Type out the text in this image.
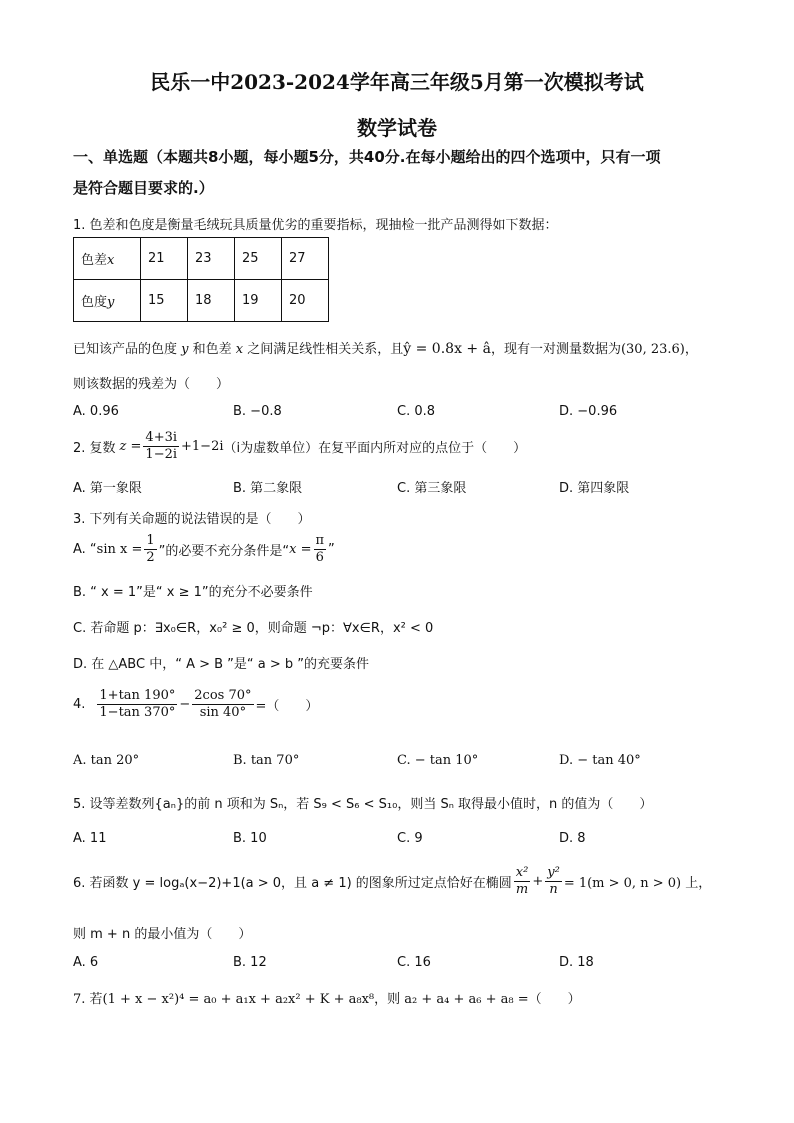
民乐一中2023-2024学年高三年级5月第一次模拟考试
数学试卷
一、单选题（本题共8小题，每小题5分，共40分.在每小题给出的四个选项中，只有一项
是符合题目要求的.）
1. 色差和色度是衡量毛绒玩具质量优劣的重要指标，现抽检一批产品测得如下数据：
色差x	21	23	25	27
色度y	15	18	19	20
已知该产品的色度 y 和色差 x 之间满足线性相关关系，且ŷ = 0.8x + â，现有一对测量数据为(30, 23.6)，
则该数据的残差为（　　）
A. 0.96	B. −0.8	C. 0.8	D. −0.96
2. 复数 $z = \frac{4+3i}{1-2i} +1-2i$ （i为虚数单位）在复平面内所对应的点位于（　　）
A. 第一象限	B. 第二象限	C. 第三象限	D. 第四象限
3. 下列有关命题的说法错误的是（　　）
A. “ $\sin x = \frac{1}{2}$ ”的必要不充分条件是“ $x = \frac{\pi}{6}$ ”
B. “ x = 1”是“ x ≥ 1”的充分不必要条件
C. 若命题 p：∃x₀∈R，x₀² ≥ 0，则命题 ¬p：∀x∈R，x² < 0
D. 在 △ABC 中，“ A > B ”是“ a > b ”的充要条件
4. $\frac{1+\tan 190^\circ}{1-\tan 370^\circ} - \frac{2\cos 70^\circ}{\sin 40^\circ}$ =（　　）
A. tan 20°	B. tan 70°	C. − tan 10°	D. − tan 40°
5. 设等差数列{aₙ}的前 n 项和为 Sₙ，若 S₉ < S₆ < S₁₀，则当 Sₙ 取得最小值时，n 的值为（　　）
A. 11	B. 10	C. 9	D. 8
6. 若函数 y = logₐ(x−2)+1(a > 0，且 a ≠ 1) 的图象所过定点恰好在椭圆 $\frac{\text{x²}}{m} + \frac{\text{y²}}{n} = 1(m > 0$, n > 0) 上，
则 m + n 的最小值为（　　）
A. 6	B. 12	C. 16	D. 18
7. 若(1 + x − x²)⁴ = a₀ + a₁x + a₂x² + K + a₈x⁸，则 a₂ + a₄ + a₆ + a₈ =（　　）
